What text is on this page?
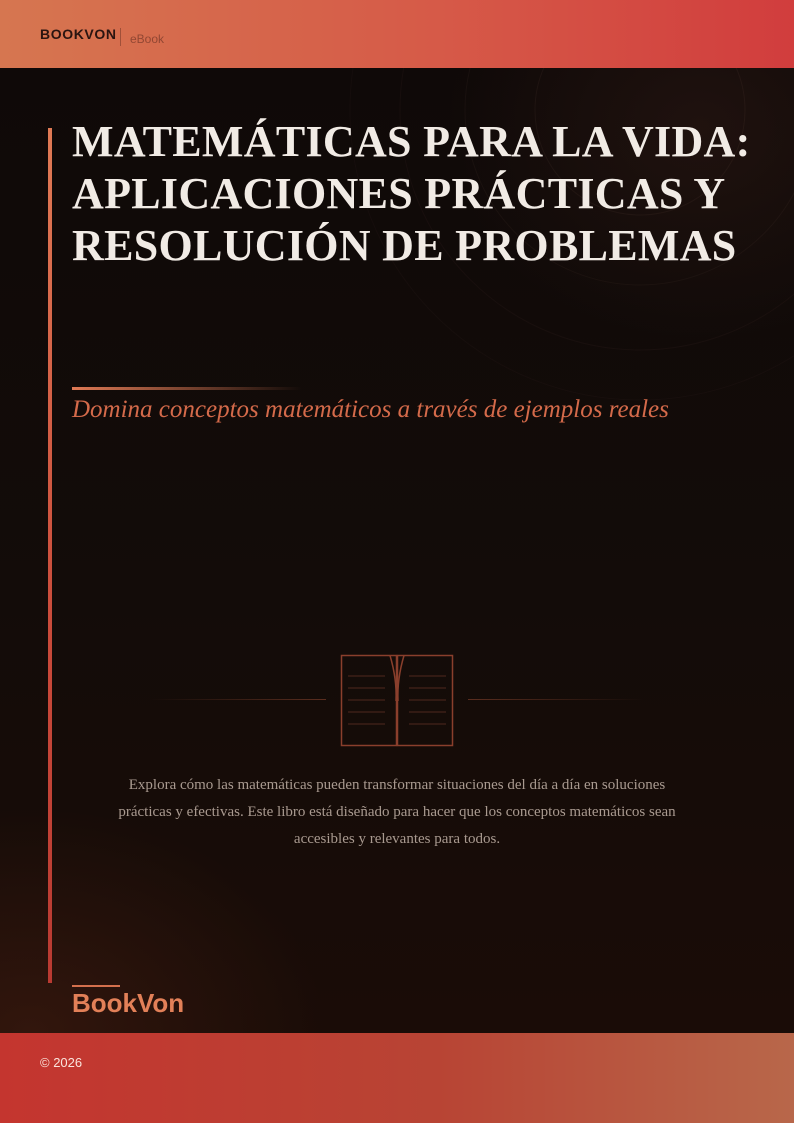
BOOKVON eBook
MATEMÁTICAS PARA LA VIDA: APLICACIONES PRÁCTICAS Y RESOLUCIÓN DE PROBLEMAS

Domina conceptos matemáticos a través de ejemplos reales

Explora cómo las matemáticas pueden transformar situaciones del día a día en soluciones prácticas y efectivas. Este libro está diseñado para hacer que los conceptos matemáticos sean accesibles y relevantes para todos.

BookVon
© 2026
